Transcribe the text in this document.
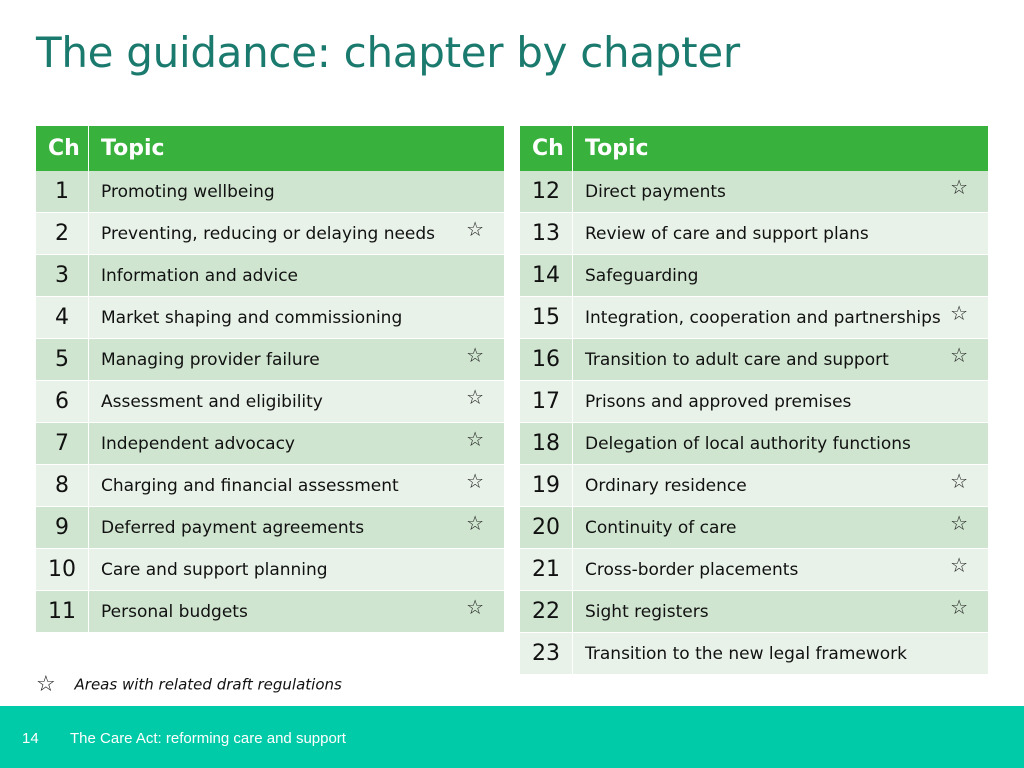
The guidance: chapter by chapter
Ch	Topic
1	Promoting wellbeing
2	Preventing, reducing or delaying needs ☆

3	Information and advice
4	Market shaping and commissioning
5	Managing provider failure ☆

6	Assessment and eligibility ☆

7	Independent advocacy ☆

8	Charging and financial assessment ☆

9	Deferred payment agreements ☆

10	Care and support planning
11	Personal budgets ☆
Ch	Topic
12	Direct payments ☆

13	Review of care and support plans
14	Safeguarding
15	Integration, cooperation and partnerships ☆

16	Transition to adult care and support ☆

17	Prisons and approved premises
18	Delegation of local authority functions
19	Ordinary residence ☆

20	Continuity of care ☆

21	Cross-border placements ☆

22	Sight registers ☆

23	Transition to the new legal framework
☆ Areas with related draft regulations
14 The Care Act: reforming care and support
